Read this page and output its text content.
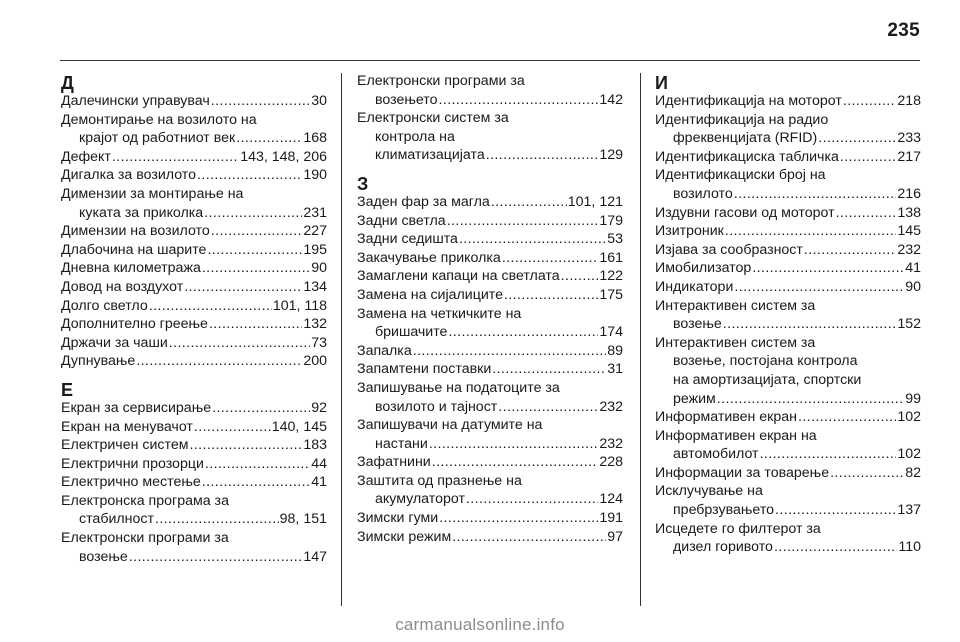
235
Д
Далечински управувач .....	30
Демонтирање на возилото на
крајот од работниот век .....	168
Дефект .....	143, 148, 206
Дигалка за возилото .....	190
Димензии за монтирање на
куката за приколка .....	231
Димензии на возилото .....	227
Длабочина на шарите .....	195
Дневна километража .....	90
Довод на воздухот .....	134
Долго светло .....	101, 118
Дополнително греење .....	132
Држачи за чаши .....	73
Дупнување .....	200
Е
Екран за сервисирање .....	92
Екран на менувачот .....	140, 145
Електричен систем .....	183
Електрични прозорци .....	44
Електрично местење .....	41
Електронска програма за
стабилност .....	98, 151
Електронски програми за
возење .....	147
Електронски програми за
возењето .....	142
Електронски систем за
контрола на
климатизацијата .....	129
З
Заден фар за магла .....	101, 121
Задни светла .....	179
Задни седишта .....	53
Закачување приколка .....	161
Замаглени капаци на светлата .....	122
Замена на сијалиците .....	175
Замена на четкичките на
бришачите .....	174
Запалка .....	89
Запамтени поставки .....	31
Запишување на податоците за
возилото и тајност .....	232
Запишувачи на датумите на
настани .....	232
Зафатнини .....	228
Заштита од празнење на
акумулаторот .....	124
Зимски гуми .....	191
Зимски режим .....	97
И
Идентификација на моторот .....	218
Идентификација на радио
фреквенцијата (RFID) .....	233
Идентификациска табличка .....	217
Идентификациски број на
возилото .....	216
Издувни гасови од моторот .....	138
Изитроник .....	145
Изјава за сообразност .....	232
Имобилизатор .....	41
Индикатори .....	90
Интерактивен систем за
возење .....	152
Интерактивен систем за
возење, постојана контрола
на амортизацијата, спортски
режим .....	99
Информативен екран .....	102
Информативен екран на
автомобилот .....	102
Информации за товарење .....	82
Исклучување на
пребрзувањето .....	137
Исцедете го филтерот за
дизел горивото .....	110
carmanualsonline.info
